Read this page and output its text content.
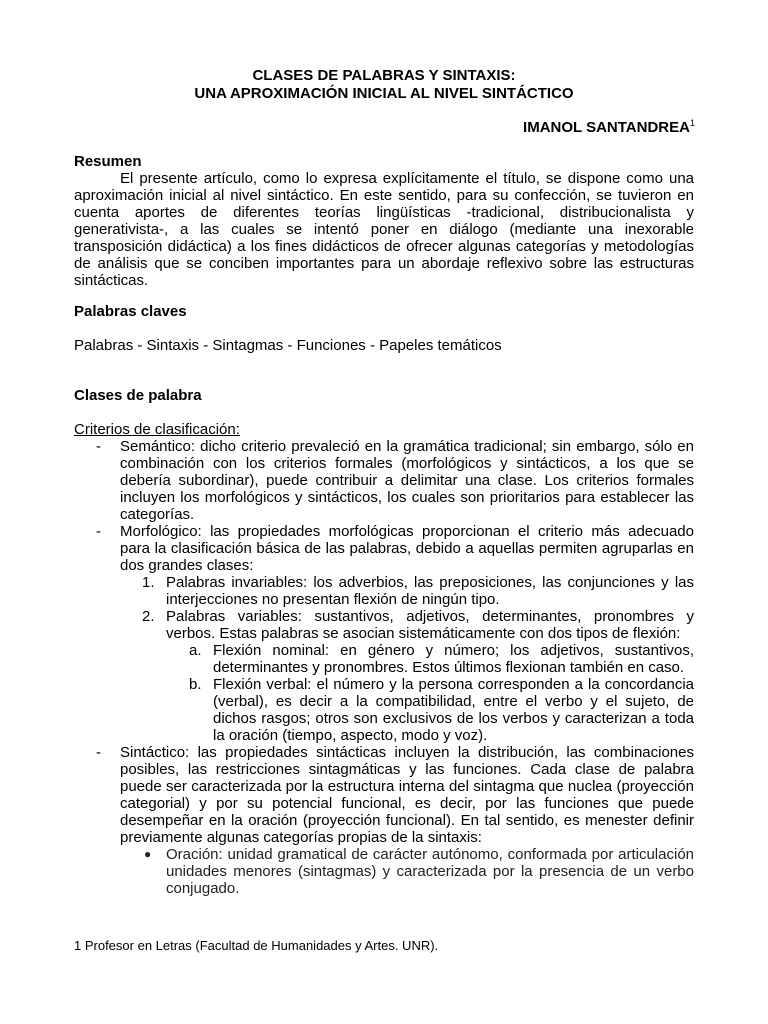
CLASES DE PALABRAS Y SINTAXIS:
UNA APROXIMACIÓN INICIAL AL NIVEL SINTÁCTICO
IMANOL SANTANDREA$^1$
Resumen
El presente artículo, como lo expresa explícitamente el título, se dispone como una aproximación inicial al nivel sintáctico. En este sentido, para su confección, se tuvieron en cuenta aportes de diferentes teorías lingüísticas -tradicional, distribucionalista y generativista-, a las cuales se intentó poner en diálogo (mediante una inexorable transposición didáctica) a los fines didácticos de ofrecer algunas categorías y metodologías de análisis que se conciben importantes para un abordaje reflexivo sobre las estructuras sintácticas.
Palabras claves
Palabras - Sintaxis - Sintagmas - Funciones - Papeles temáticos
Clases de palabra
Criterios de clasificación:
- Semántico: dicho criterio prevaleció en la gramática tradicional; sin embargo, sólo en combinación con los criterios formales (morfológicos y sintácticos, a los que se debería subordinar), puede contribuir a delimitar una clase. Los criterios formales incluyen los morfológicos y sintácticos, los cuales son prioritarios para establecer las categorías.
- Morfológico: las propiedades morfológicas proporcionan el criterio más adecuado para la clasificación básica de las palabras, debido a aquellas permiten agruparlas en dos grandes clases:
1. Palabras invariables: los adverbios, las preposiciones, las conjunciones y las interjecciones no presentan flexión de ningún tipo.
2. Palabras variables: sustantivos, adjetivos, determinantes, pronombres y verbos. Estas palabras se asocian sistemáticamente con dos tipos de flexión:
a. Flexión nominal: en género y número; los adjetivos, sustantivos, determinantes y pronombres. Estos últimos flexionan también en caso.
b. Flexión verbal: el número y la persona corresponden a la concordancia (verbal), es decir a la compatibilidad, entre el verbo y el sujeto, de dichos rasgos; otros son exclusivos de los verbos y caracterizan a toda la oración (tiempo, aspecto, modo y voz).
- Sintáctico: las propiedades sintácticas incluyen la distribución, las combinaciones posibles, las restricciones sintagmáticas y las funciones. Cada clase de palabra puede ser caracterizada por la estructura interna del sintagma que nuclea (proyección categorial) y por su potencial funcional, es decir, por las funciones que puede desempeñar en la oración (proyección funcional). En tal sentido, es menester definir previamente algunas categorías propias de la sintaxis:
● Oración: unidad gramatical de carácter autónomo, conformada por articulación unidades menores (sintagmas) y caracterizada por la presencia de un verbo conjugado.
1 Profesor en Letras (Facultad de Humanidades y Artes. UNR).
